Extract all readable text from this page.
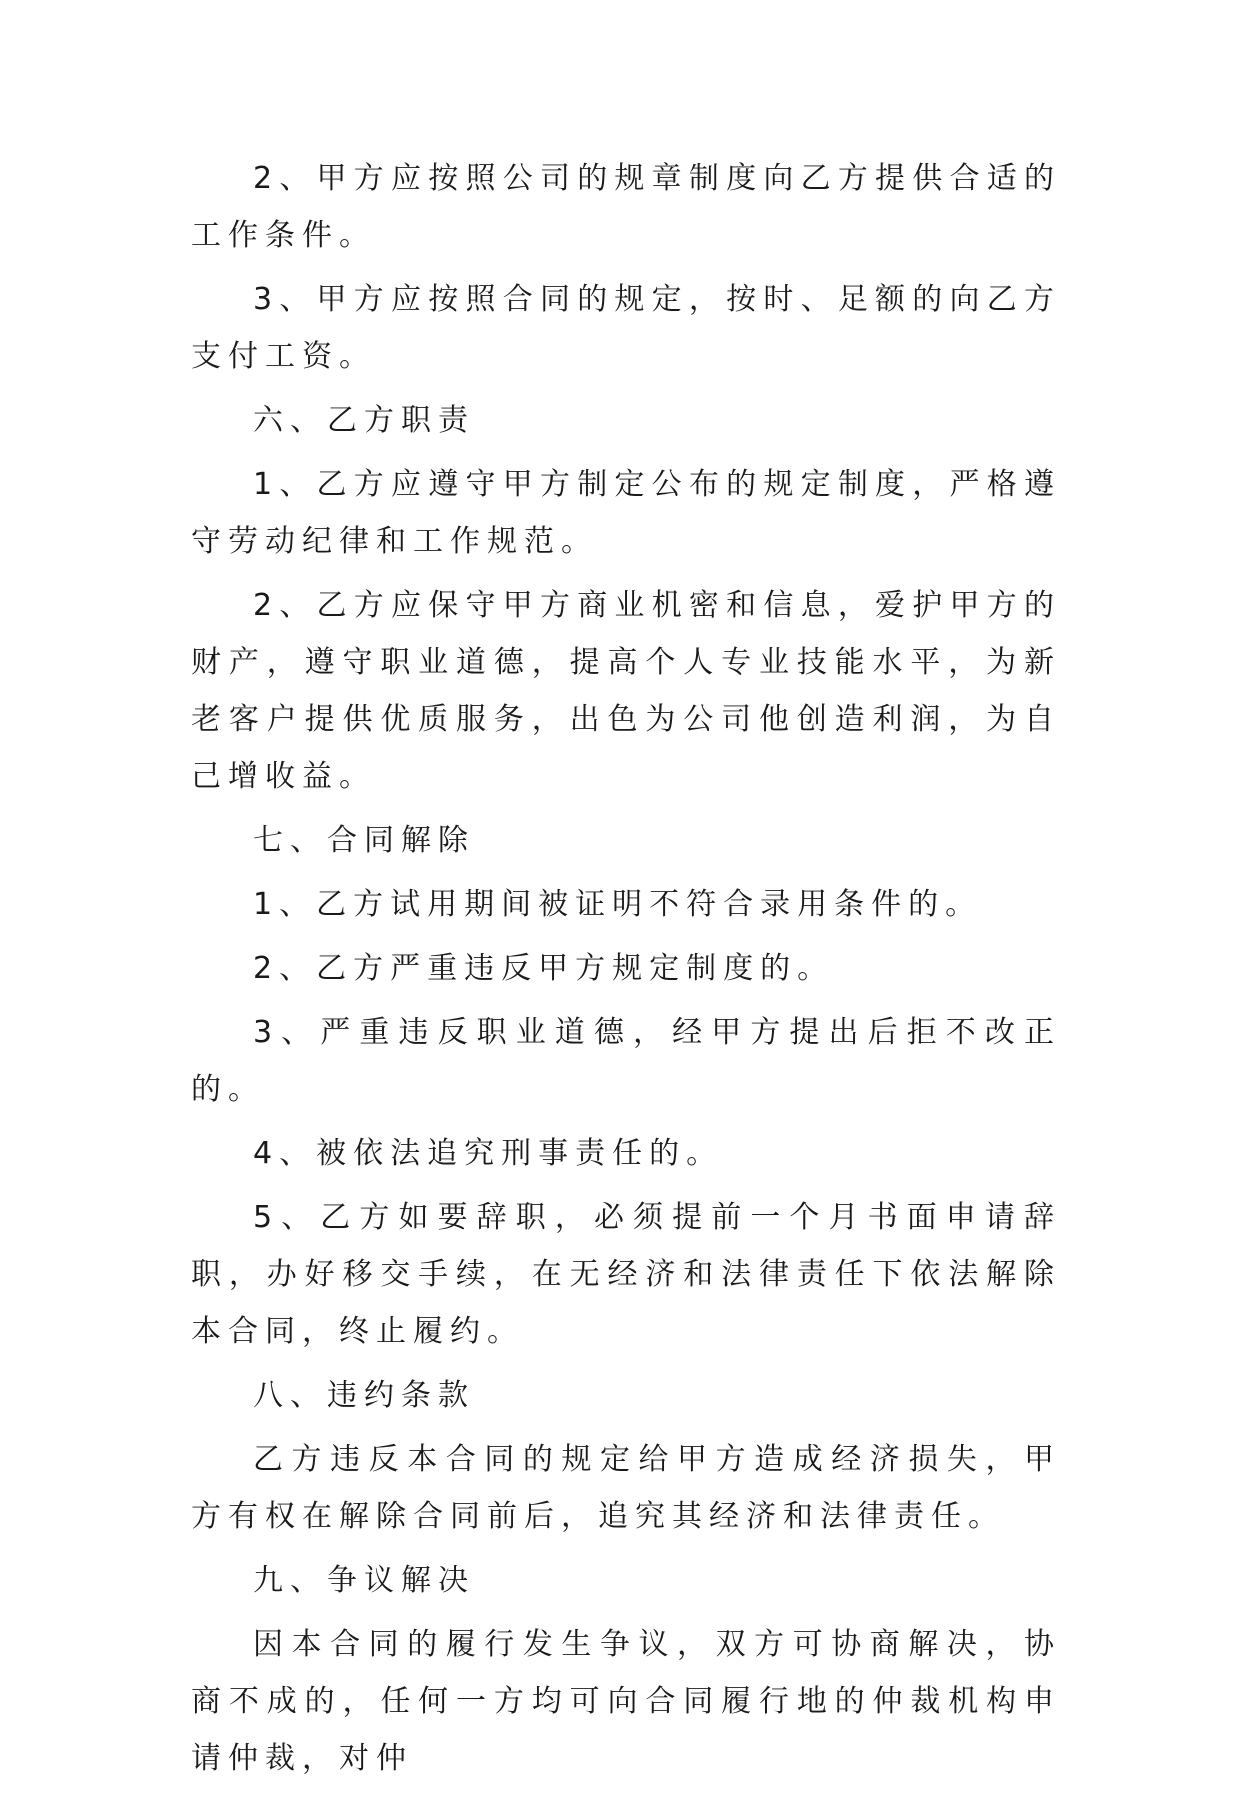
2、甲方应按照公司的规章制度向乙方提供合适的工作条件。

3、甲方应按照合同的规定，按时、足额的向乙方支付工资。

六、乙方职责

1、乙方应遵守甲方制定公布的规定制度，严格遵守劳动纪律和工作规范。

2、乙方应保守甲方商业机密和信息，爱护甲方的财产，遵守职业道德，提高个人专业技能水平，为新老客户提供优质服务，出色为公司他创造利润，为自己增收益。

七、合同解除

1、乙方试用期间被证明不符合录用条件的。

2、乙方严重违反甲方规定制度的。

3、严重违反职业道德，经甲方提出后拒不改正的。

4、被依法追究刑事责任的。

5、乙方如要辞职，必须提前一个月书面申请辞职，办好移交手续，在无经济和法律责任下依法解除本合同，终止履约。

八、违约条款

乙方违反本合同的规定给甲方造成经济损失，甲方有权在解除合同前后，追究其经济和法律责任。

九、争议解决

因本合同的履行发生争议，双方可协商解决，协商不成的，任何一方均可向合同履行地的仲裁机构申请仲裁，对仲
